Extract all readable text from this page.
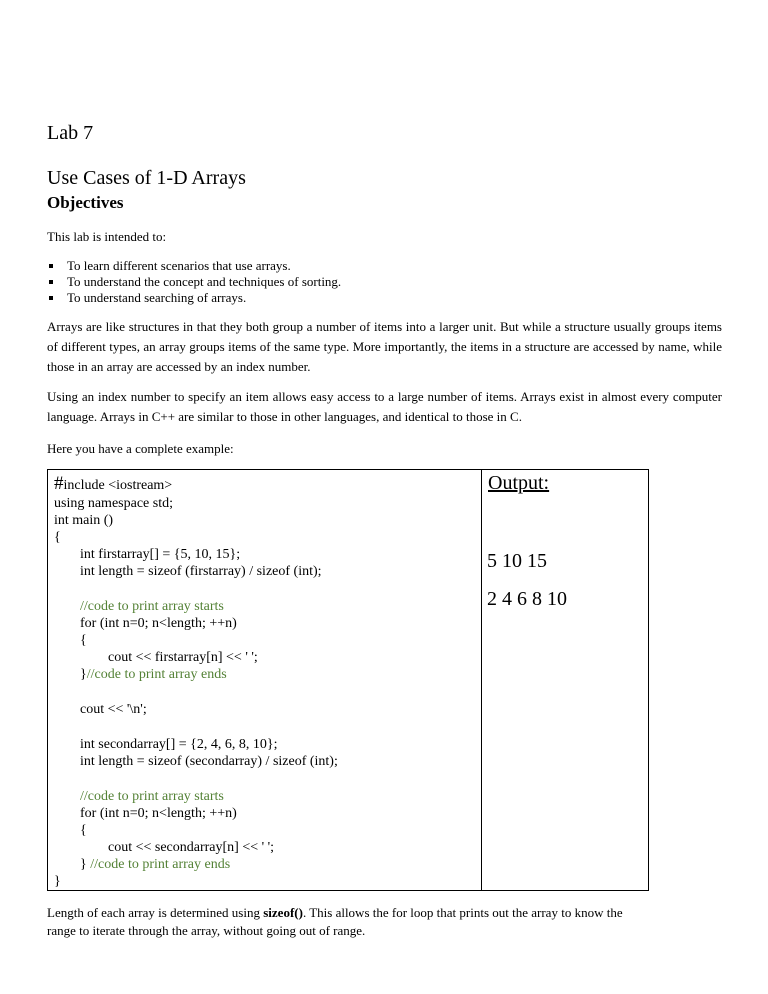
Lab 7
Use Cases of 1-D Arrays
Objectives
This lab is intended to:
To learn different scenarios that use arrays.
To understand the concept and techniques of sorting.
To understand searching of arrays.

Arrays are like structures in that they both group a number of items into a larger unit. But while a structure usually groups items of different types, an array groups items of the same type. More importantly, the items in a structure are accessed by name, while those in an array are accessed by an index number.

Using an index number to specify an item allows easy access to a large number of items. Arrays exist in almost every computer language. Arrays in C++ are similar to those in other languages, and identical to those in C.

Here you have a complete example:

#include <iostream>
using namespace std;
int main ()
{
int firstarray[] = {5, 10, 15};
int length = sizeof (firstarray) / sizeof (int);
//code to print array starts
for (int n=0; n<length; ++n)
{
cout << firstarray[n] << ' ';
}//code to print array ends
cout << '\n';
int secondarray[] = {2, 4, 6, 8, 10};
int length = sizeof (secondarray) / sizeof (int);
//code to print array starts
for (int n=0; n<length; ++n)
{
cout << secondarray[n] << ' ';
} //code to print array ends
}
Output:
5 10 15
2 4 6 8 10

Length of each array is determined using sizeof(). This allows the for loop that prints out the array to know the range to iterate through the array, without going out of range.
